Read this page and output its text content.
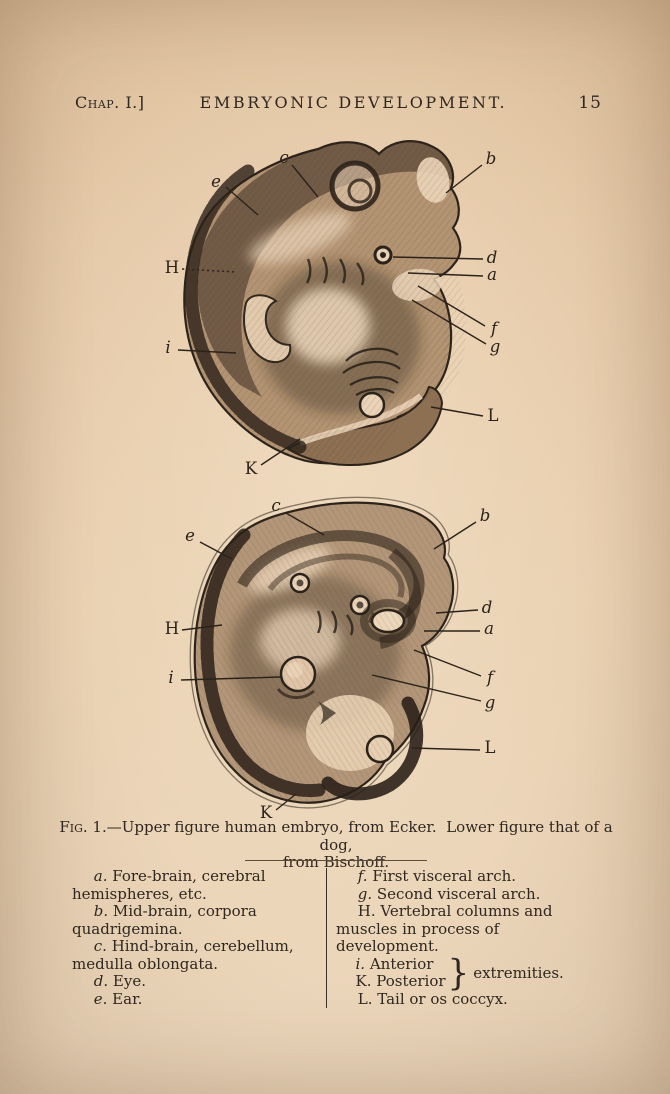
Chap. I.]	EMBRYONIC DEVELOPMENT.	15
c	b
e
H
d
a
f
g
i
L
K
c
b
e
H
d
a
f
g
i
L
K

Fig. 1.—Upper figure human embryo, from Ecker.  Lower figure that of a dog,

from Bischoff.

a. Fore-brain, cerebral hemispheres, etc.

b. Mid-brain, corpora quadrigemina.

c. Hind-brain, cerebellum, medulla oblongata.

d. Eye.

e. Ear.

f. First visceral arch.

g. Second visceral arch.

H. Vertebral columns and muscles in process of development.

i. Anterior

K. Posterior } extremities.

L. Tail or os coccyx.
